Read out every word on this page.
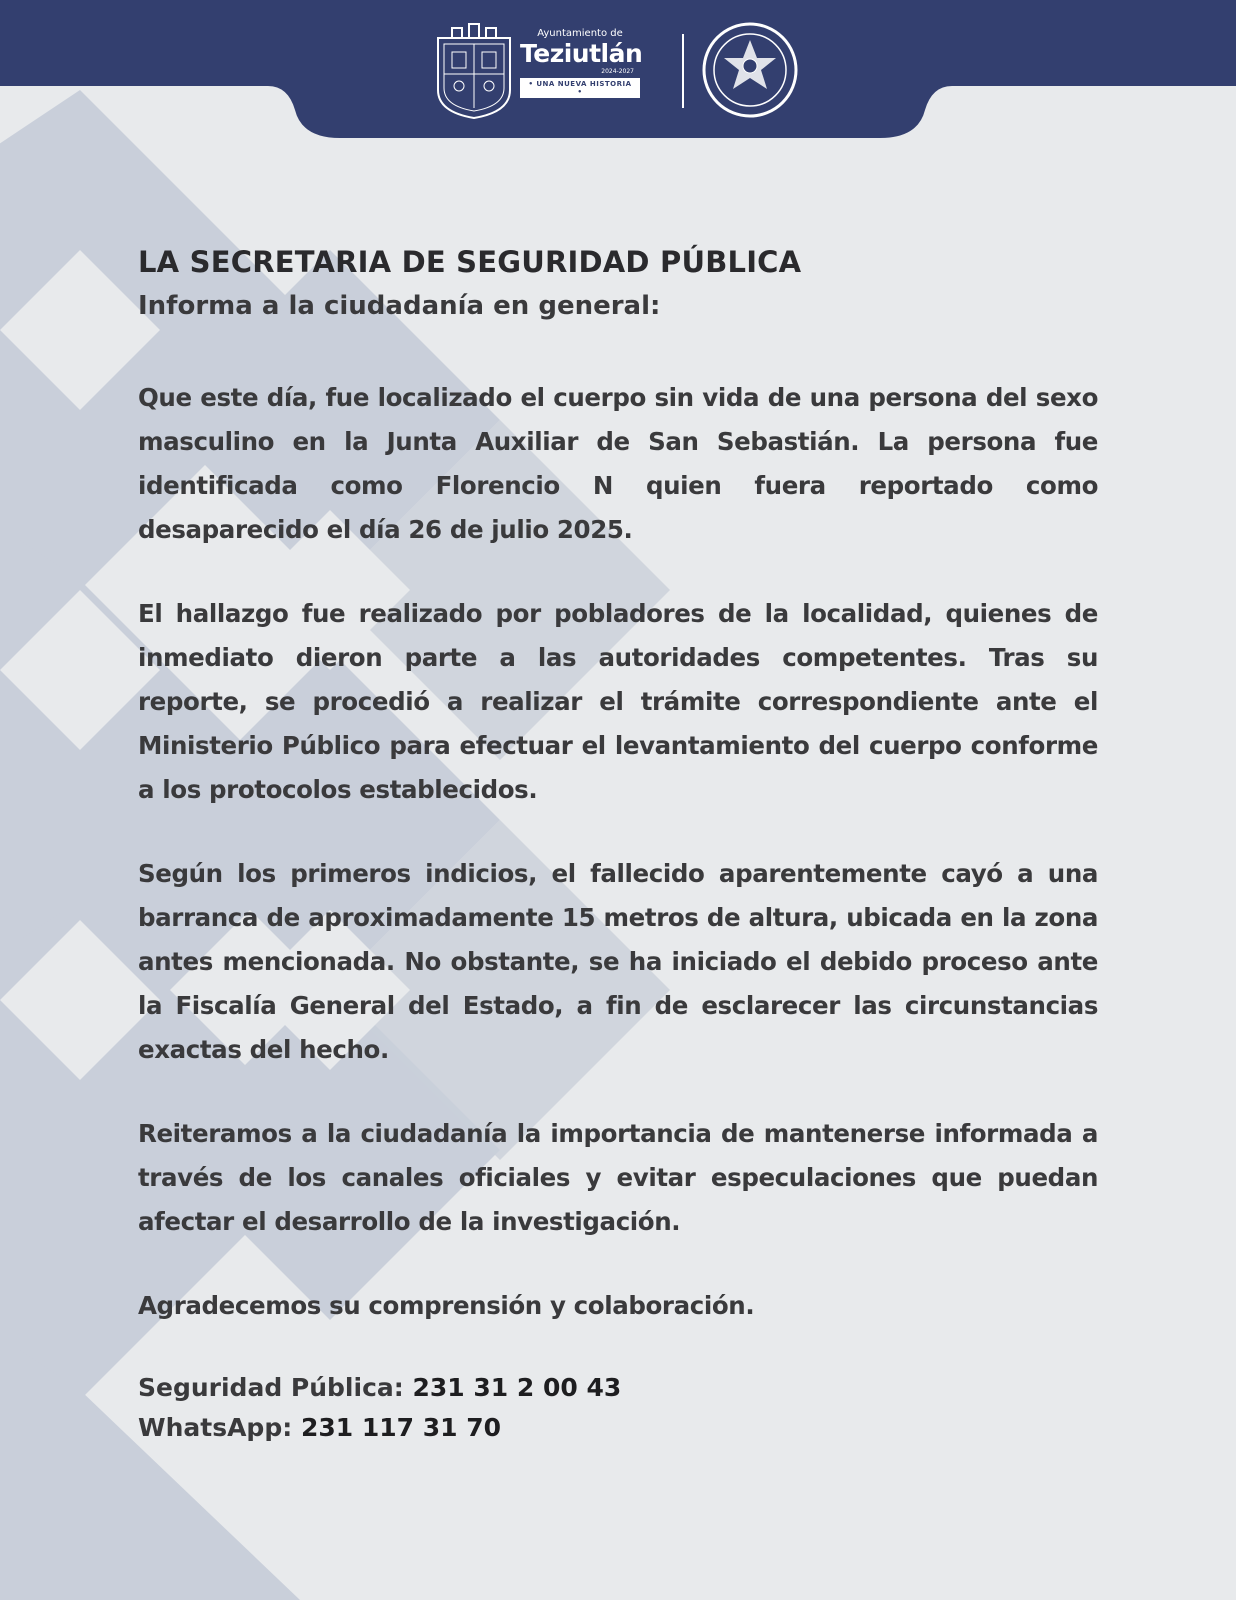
Ayuntamiento de
Teziutlán
2024-2027
• UNA NUEVA HISTORIA •
LA SECRETARIA DE SEGURIDAD PÚBLICA

Informa a la ciudadanía en general:

Que este día, fue localizado el cuerpo sin vida de una persona del sexo masculino en la Junta Auxiliar de San Sebastián. La persona fue identificada como Florencio N quien fuera reportado como desaparecido el día 26 de julio 2025.

El hallazgo fue realizado por pobladores de la localidad, quienes de inmediato dieron parte a las autoridades competentes. Tras su reporte, se procedió a realizar el trámite correspondiente ante el Ministerio Público para efectuar el levantamiento del cuerpo conforme a los protocolos establecidos.

Según los primeros indicios, el fallecido aparentemente cayó a una barranca de aproximadamente 15 metros de altura, ubicada en la zona antes mencionada. No obstante, se ha iniciado el debido proceso ante la Fiscalía General del Estado, a fin de esclarecer las circunstancias exactas del hecho.

Reiteramos a la ciudadanía la importancia de mantenerse informada a través de los canales oficiales y evitar especulaciones que puedan afectar el desarrollo de la investigación.

Agradecemos su comprensión y colaboración.

Seguridad Pública: 231 31 2 00 43

WhatsApp: 231 117 31 70
